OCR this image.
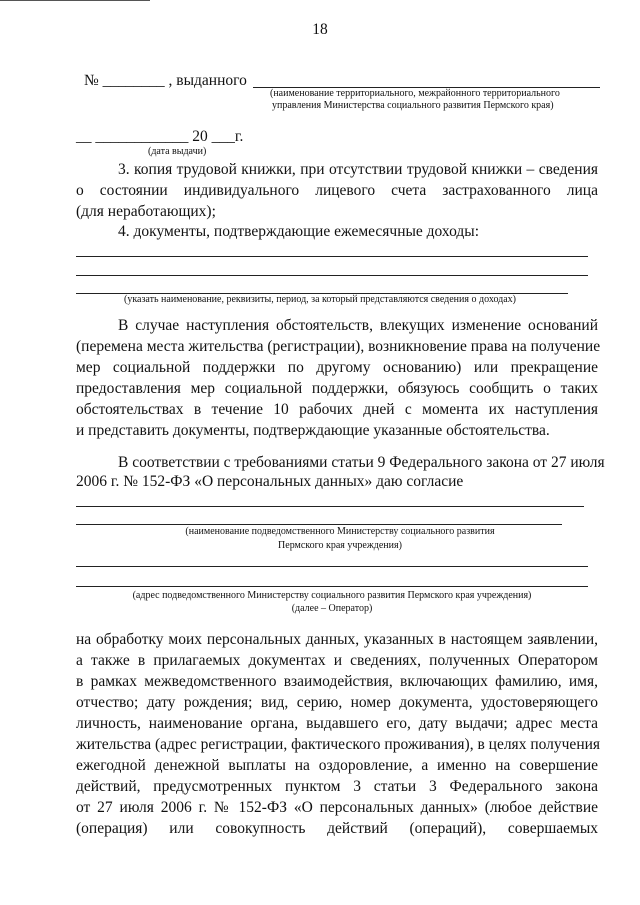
18
№ ________ , выданного
(наименование территориального, межрайонного территориального
управления Министерства социального развития Пермского края)
__ ____________ 20 ___г.
(дата выдачи)
3. копия трудовой книжки, при отсутствии трудовой книжки – сведения
о состоянии индивидуального лицевого счета застрахованного лица
(для неработающих);
4. документы, подтверждающие ежемесячные доходы:
(указать наименование, реквизиты, период, за который представляются сведения о доходах)
В случае наступления обстоятельств, влекущих изменение оснований
(перемена места жительства (регистрации), возникновение права на получение
мер социальной поддержки по другому основанию) или прекращение
предоставления мер социальной поддержки, обязуюсь сообщить о таких
обстоятельствах в течение 10 рабочих дней с момента их наступления
и представить документы, подтверждающие указанные обстоятельства.
В соответствии с требованиями статьи 9 Федерального закона от 27 июля
2006 г. № 152-ФЗ «О персональных данных» даю согласие
(наименование подведомственного Министерству социального развития
Пермского края учреждения)
(адрес подведомственного Министерству социального развития Пермского края учреждения)
(далее – Оператор)
на обработку моих персональных данных, указанных в настоящем заявлении,
а также в прилагаемых документах и сведениях, полученных Оператором
в рамках межведомственного взаимодействия, включающих фамилию, имя,
отчество; дату рождения; вид, серию, номер документа, удостоверяющего
личность, наименование органа, выдавшего его, дату выдачи; адрес места
жительства (адрес регистрации, фактического проживания), в целях получения
ежегодной денежной выплаты на оздоровление, а именно на совершение
действий, предусмотренных пунктом 3 статьи 3 Федерального закона
от 27 июля 2006 г. № 152-ФЗ «О персональных данных» (любое действие
(операция) или совокупность действий (операций), совершаемых
